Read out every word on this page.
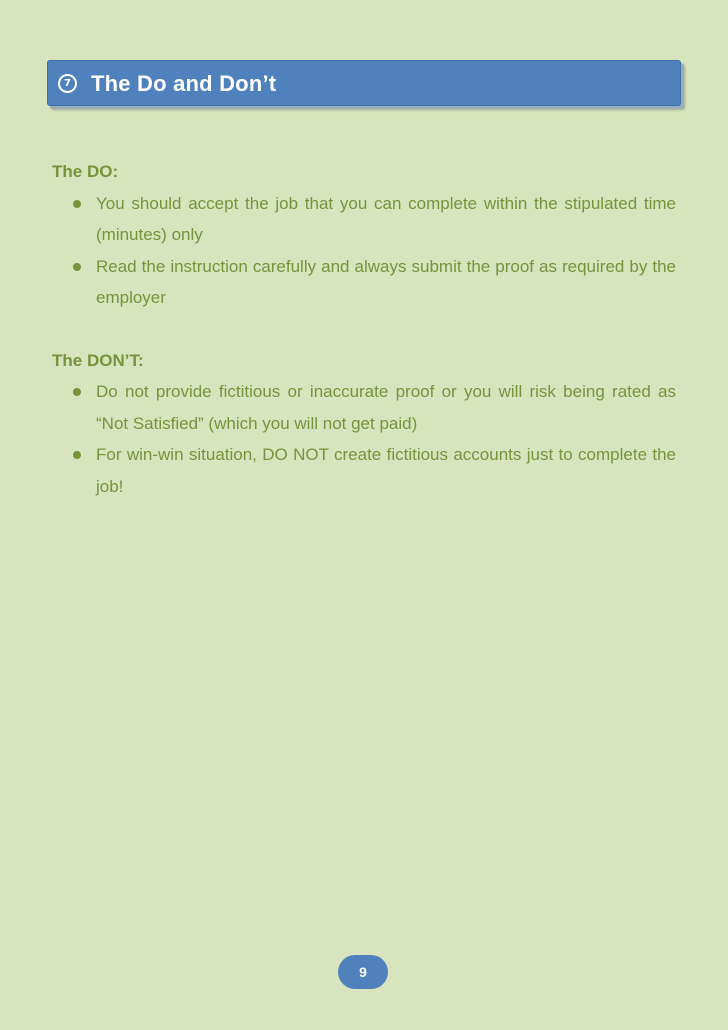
7 The Do and Don’t

The DO:

You should accept the job that you can complete within the stipulated time (minutes) only
Read the instruction carefully and always submit the proof as required by the employer

The DON’T:

Do not provide fictitious or inaccurate proof or you will risk being rated as “Not Satisfied” (which you will not get paid)
For win-win situation, DO NOT create fictitious accounts just to complete the job!
9
